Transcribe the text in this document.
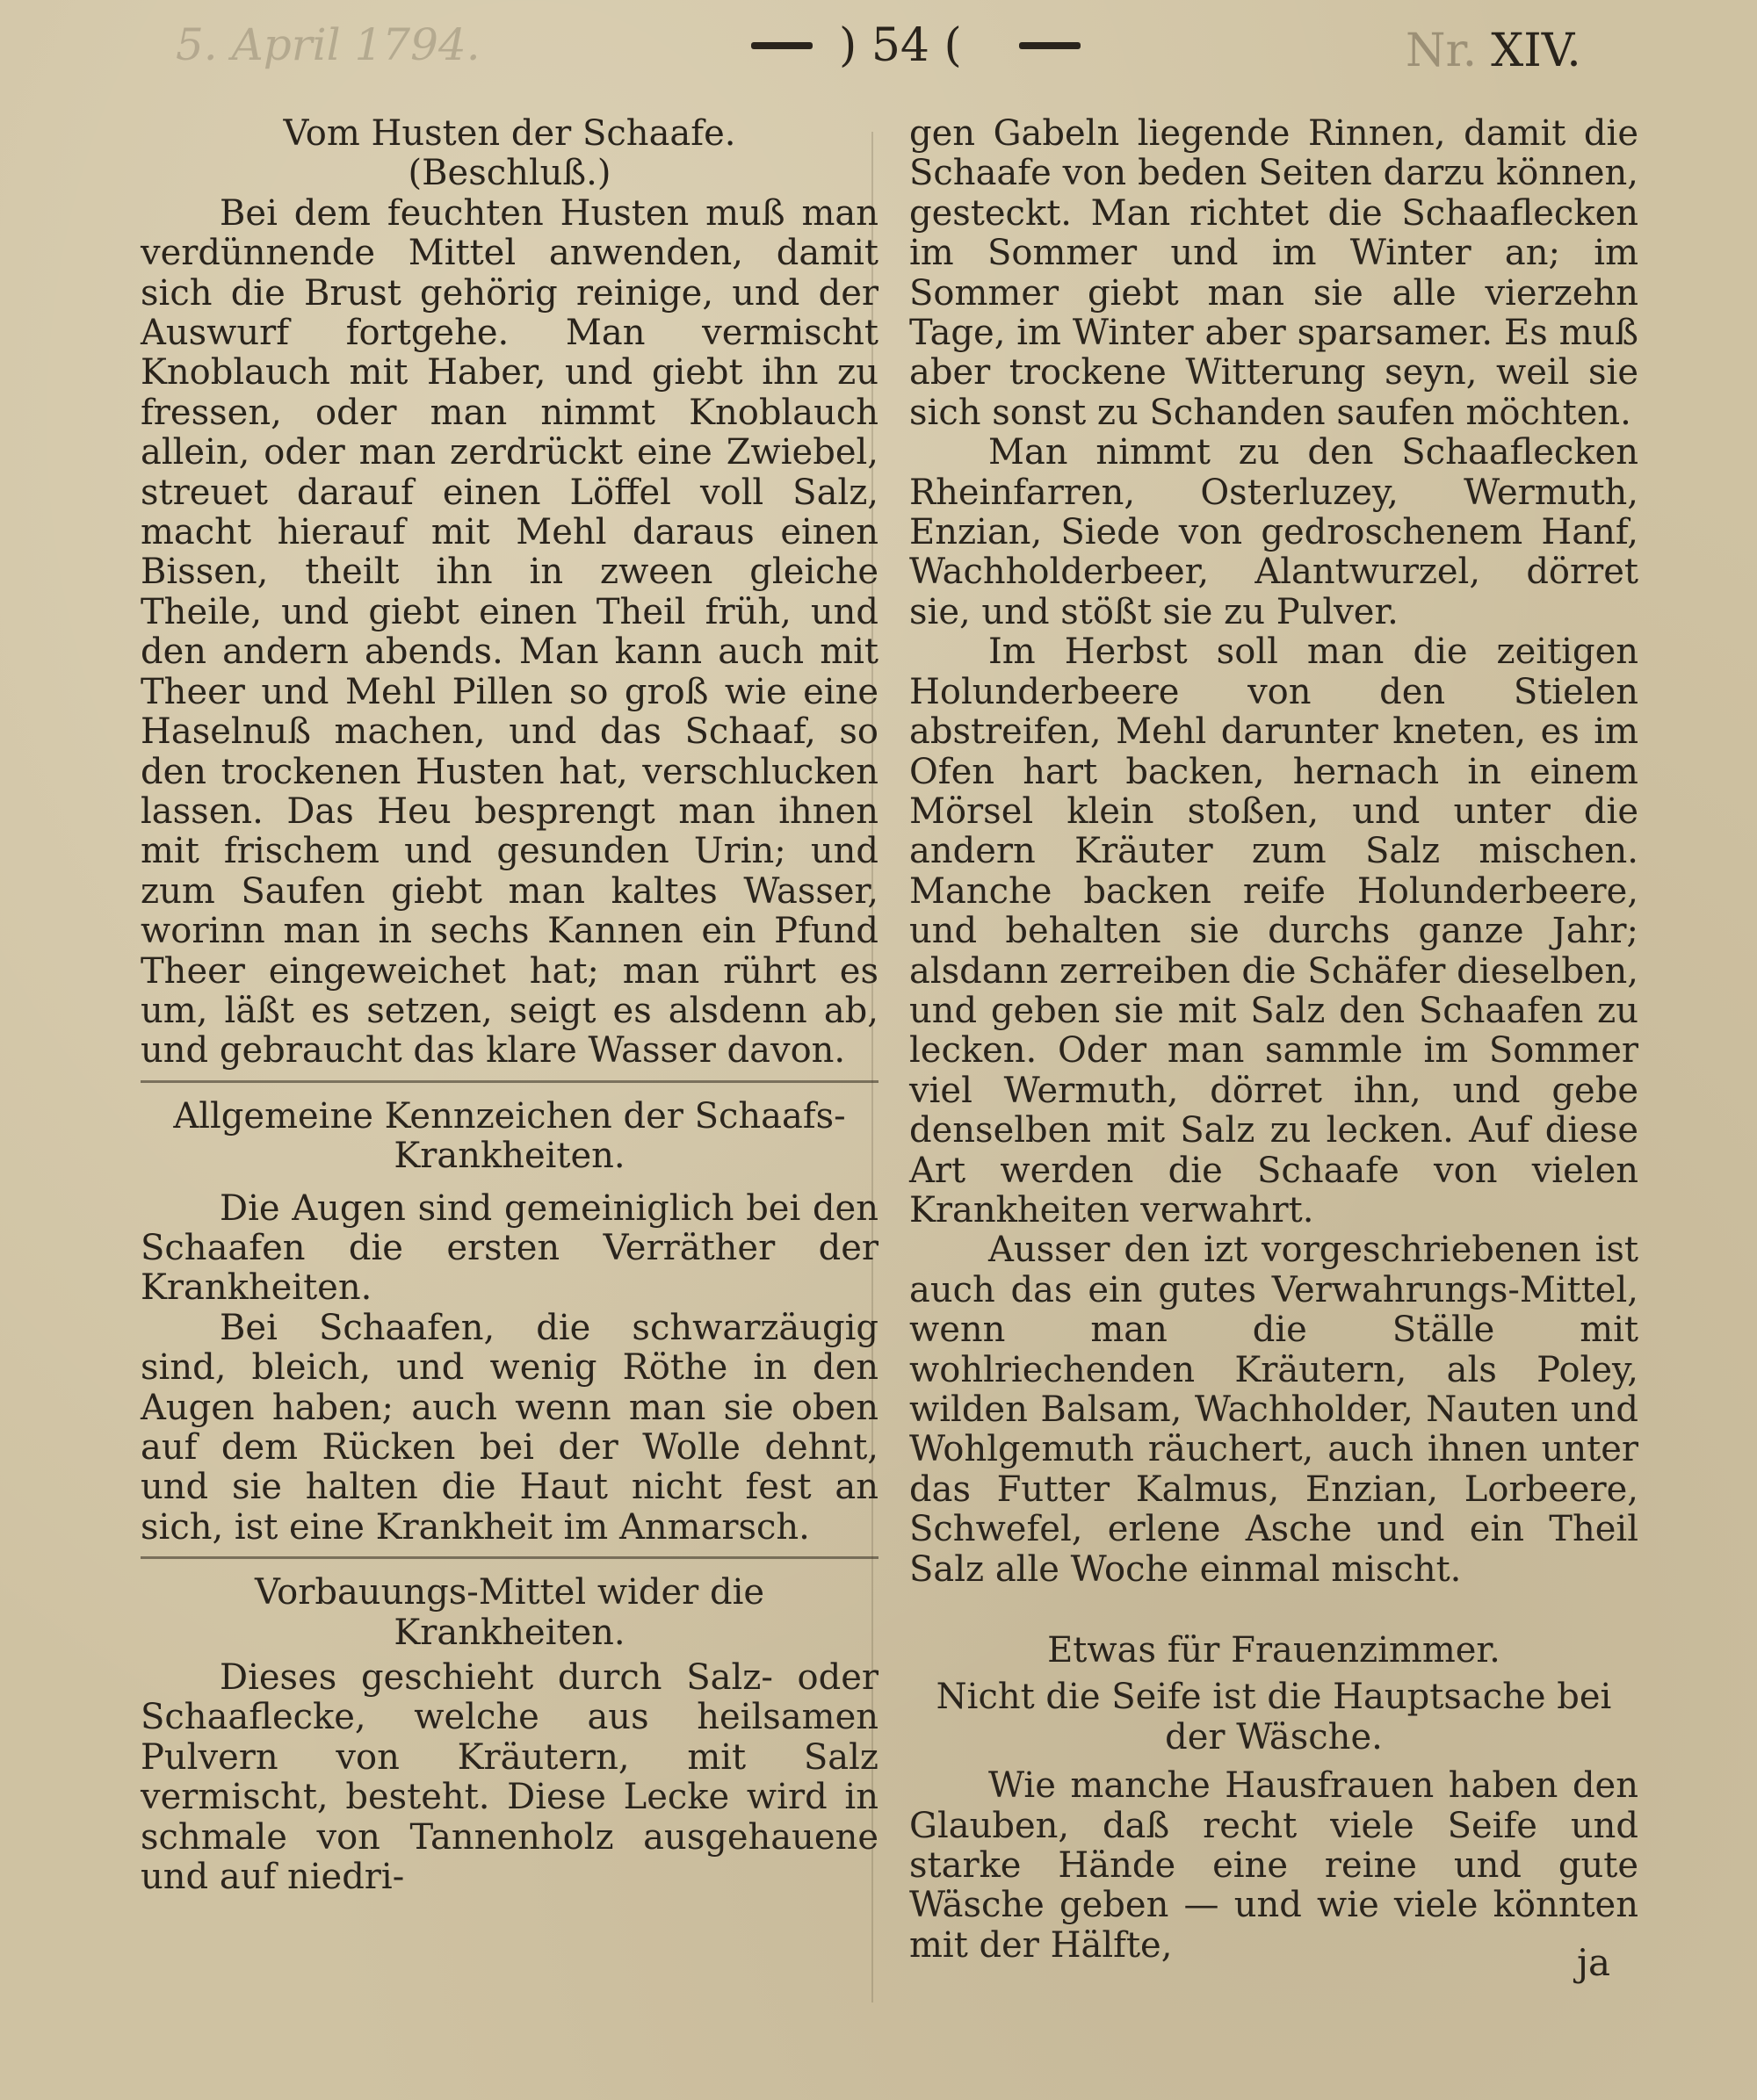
5. April 1794.	) 54 (	Nr. XIV.

Vom Husten der Schaafe.

(Beschluß.)

Bei dem feuchten Husten muß man verdünnende Mittel anwenden, damit sich die Brust gehörig reinige, und der Auswurf fortgehe. Man vermischt Knoblauch mit Haber, und giebt ihn zu fressen, oder man nimmt Knoblauch allein, oder man zerdrückt eine Zwiebel, streuet darauf einen Löffel voll Salz, macht hierauf mit Mehl daraus einen Bissen, theilt ihn in zween gleiche Theile, und giebt einen Theil früh, und den andern abends. Man kann auch mit Theer und Mehl Pillen so groß wie eine Haselnuß machen, und das Schaaf, so den trockenen Husten hat, verschlucken lassen. Das Heu besprengt man ihnen mit frischem und gesunden Urin; und zum Saufen giebt man kaltes Wasser, worinn man in sechs Kannen ein Pfund Theer eingeweichet hat; man rührt es um, läßt es setzen, seigt es alsdenn ab, und gebraucht das klare Wasser davon.

Allgemeine Kennzeichen der Schaafs-Krankheiten.

Die Augen sind gemeiniglich bei den Schaafen die ersten Verräther der Krankheiten.

Bei Schaafen, die schwarzäugig sind, bleich, und wenig Röthe in den Augen haben; auch wenn man sie oben auf dem Rücken bei der Wolle dehnt, und sie halten die Haut nicht fest an sich, ist eine Krankheit im Anmarsch.

Vorbauungs-Mittel wider die Krankheiten.

Dieses geschieht durch Salz- oder Schaaflecke, welche aus heilsamen Pulvern von Kräutern, mit Salz vermischt, besteht. Diese Lecke wird in schmale von Tannenholz ausgehauene und auf niedri-

gen Gabeln liegende Rinnen, damit die Schaafe von beden Seiten darzu können, gesteckt. Man richtet die Schaaflecken im Sommer und im Winter an; im Sommer giebt man sie alle vierzehn Tage, im Winter aber sparsamer. Es muß aber trockene Witterung seyn, weil sie sich sonst zu Schanden saufen möchten.

Man nimmt zu den Schaaflecken Rheinfarren, Osterluzey, Wermuth, Enzian, Siede von gedroschenem Hanf, Wachholderbeer, Alantwurzel, dörret sie, und stößt sie zu Pulver.

Im Herbst soll man die zeitigen Holunderbeere von den Stielen abstreifen, Mehl darunter kneten, es im Ofen hart backen, hernach in einem Mörsel klein stoßen, und unter die andern Kräuter zum Salz mischen. Manche backen reife Holunderbeere, und behalten sie durchs ganze Jahr; alsdann zerreiben die Schäfer dieselben, und geben sie mit Salz den Schaafen zu lecken. Oder man sammle im Sommer viel Wermuth, dörret ihn, und gebe denselben mit Salz zu lecken. Auf diese Art werden die Schaafe von vielen Krankheiten verwahrt.

Ausser den izt vorgeschriebenen ist auch das ein gutes Verwahrungs-Mittel, wenn man die Ställe mit wohlriechenden Kräutern, als Poley, wilden Balsam, Wachholder, Nauten und Wohlgemuth räuchert, auch ihnen unter das Futter Kalmus, Enzian, Lorbeere, Schwefel, erlene Asche und ein Theil Salz alle Woche einmal mischt.

Etwas für Frauenzimmer.

Nicht die Seife ist die Hauptsache bei der Wäsche.

Wie manche Hausfrauen haben den Glauben, daß recht viele Seife und starke Hände eine reine und gute Wäsche geben — und wie viele könnten mit der Hälfte,	ja
